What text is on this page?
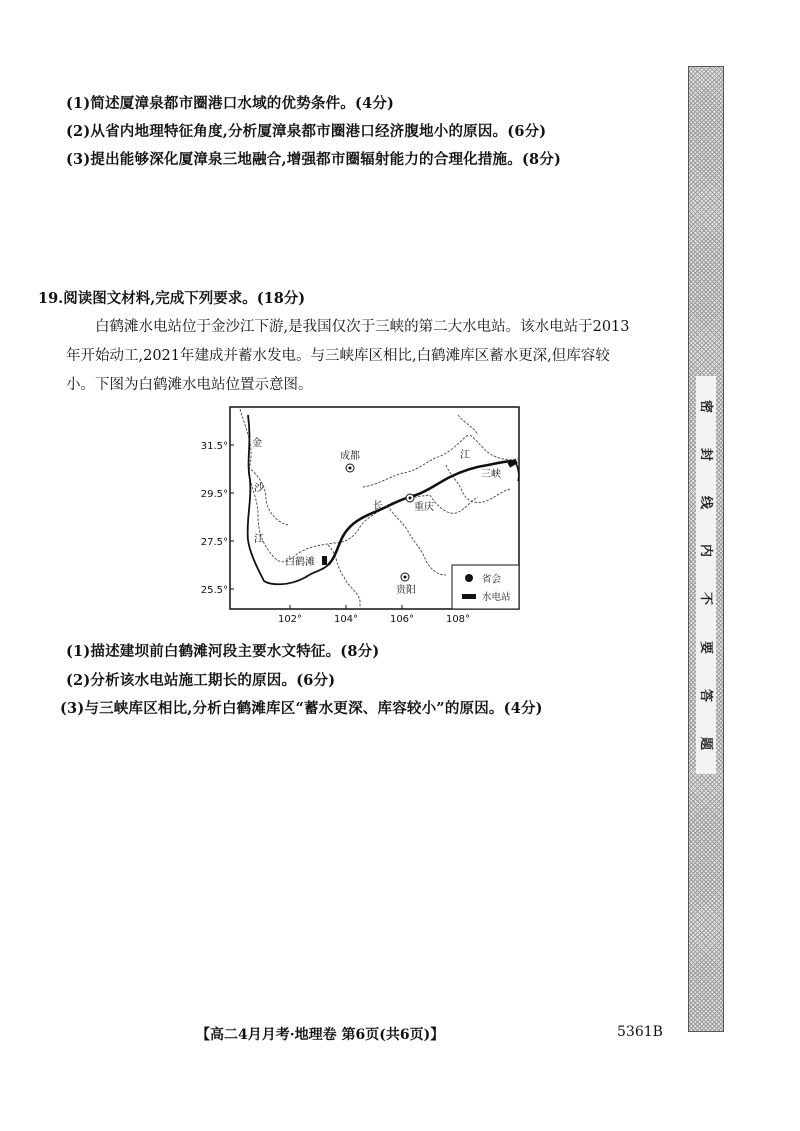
(1)简述厦漳泉都市圈港口水域的优势条件。(4分)
(2)从省内地理特征角度,分析厦漳泉都市圈港口经济腹地小的原因。(6分)
(3)提出能够深化厦漳泉三地融合,增强都市圈辐射能力的合理化措施。(8分)
19.阅读图文材料,完成下列要求。(18分)

白鹤滩水电站位于金沙江下游,是我国仅次于三峡的第二大水电站。该水电站于2013

年开始动工,2021年建成并蓄水发电。与三峡库区相比,白鹤滩库区蓄水更深,但库容较

小。下图为白鹤滩水电站位置示意图。

31.5°
29.5°
27.5°
25.5°
102°	104°	106°	108°
金
沙
江
长
江
成都
重庆
贵阳
白鹤滩
三峡
省会
水电站
(1)描述建坝前白鹤滩河段主要水文特征。(8分)
(2)分析该水电站施工期长的原因。(6分)
(3)与三峡库区相比,分析白鹤滩库区“蓄水更深、库容较小”的原因。(4分)
密
封
线
内
不
要
答
题
【高二4月月考·地理卷 第6页(共6页)】	5361B
